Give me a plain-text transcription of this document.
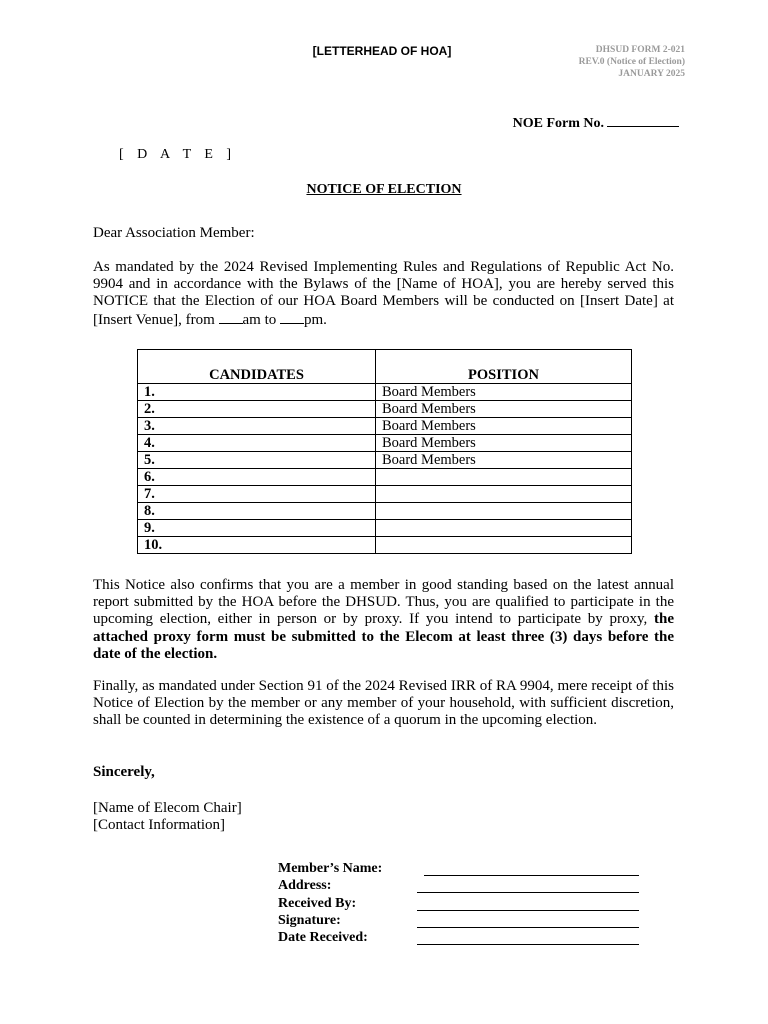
[LETTERHEAD OF HOA]	DHSUD FORM 2-021
REV.0 (Notice of Election)
JANUARY 2025
NOE Form No.
[ D A T E ]
NOTICE OF ELECTION
Dear Association Member:
As mandated by the 2024 Revised Implementing Rules and Regulations of Republic Act No. 9904 and in accordance with the Bylaws of the [Name of HOA], you are hereby served this NOTICE that the Election of our HOA Board Members will be conducted on [Insert Date] at [Insert Venue], from am to pm.
CANDIDATES	POSITION
1.	Board Members
2.	Board Members
3.	Board Members
4.	Board Members
5.	Board Members
6.	
7.	
8.	
9.	
10.	
This Notice also confirms that you are a member in good standing based on the latest annual report submitted by the HOA before the DHSUD. Thus, you are qualified to participate in the upcoming election, either in person or by proxy. If you intend to participate by proxy, the attached proxy form must be submitted to the Elecom at least three (3) days before the date of the election.
Finally, as mandated under Section 91 of the 2024 Revised IRR of RA 9904, mere receipt of this Notice of Election by the member or any member of your household, with sufficient discretion, shall be counted in determining the existence of a quorum in the upcoming election.
Sincerely,
[Name of Elecom Chair]
[Contact Information]
Member’s Name:
Address:
Received By:
Signature:
Date Received:
